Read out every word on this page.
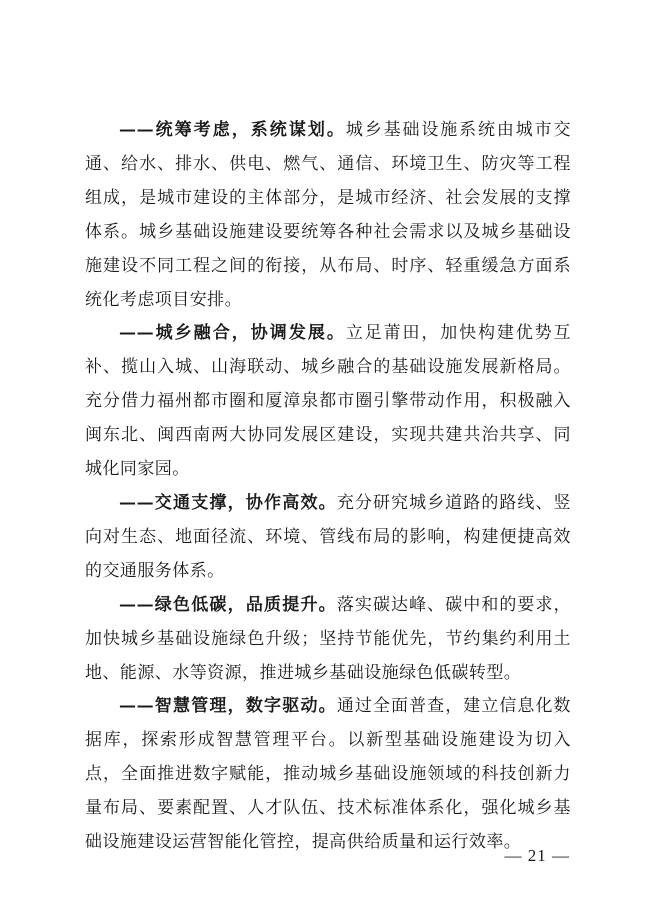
——统筹考虑，系统谋划。城乡基础设施系统由城市交通、给水、排水、供电、燃气、通信、环境卫生、防灾等工程组成，是城市建设的主体部分，是城市经济、社会发展的支撑体系。城乡基础设施建设要统筹各种社会需求以及城乡基础设施建设不同工程之间的衔接，从布局、时序、轻重缓急方面系统化考虑项目安排。

——城乡融合，协调发展。立足莆田，加快构建优势互补、揽山入城、山海联动、城乡融合的基础设施发展新格局。充分借力福州都市圈和厦漳泉都市圈引擎带动作用，积极融入闽东北、闽西南两大协同发展区建设，实现共建共治共享、同城化同家园。

——交通支撑，协作高效。充分研究城乡道路的路线、竖向对生态、地面径流、环境、管线布局的影响，构建便捷高效的交通服务体系。

——绿色低碳，品质提升。落实碳达峰、碳中和的要求，加快城乡基础设施绿色升级；坚持节能优先，节约集约利用土地、能源、水等资源，推进城乡基础设施绿色低碳转型。

——智慧管理，数字驱动。通过全面普查，建立信息化数据库，探索形成智慧管理平台。以新型基础设施建设为切入点，全面推进数字赋能，推动城乡基础设施领域的科技创新力量布局、要素配置、人才队伍、技术标准体系化，强化城乡基础设施建设运营智能化管控，提高供给质量和运行效率。

— 21 —
